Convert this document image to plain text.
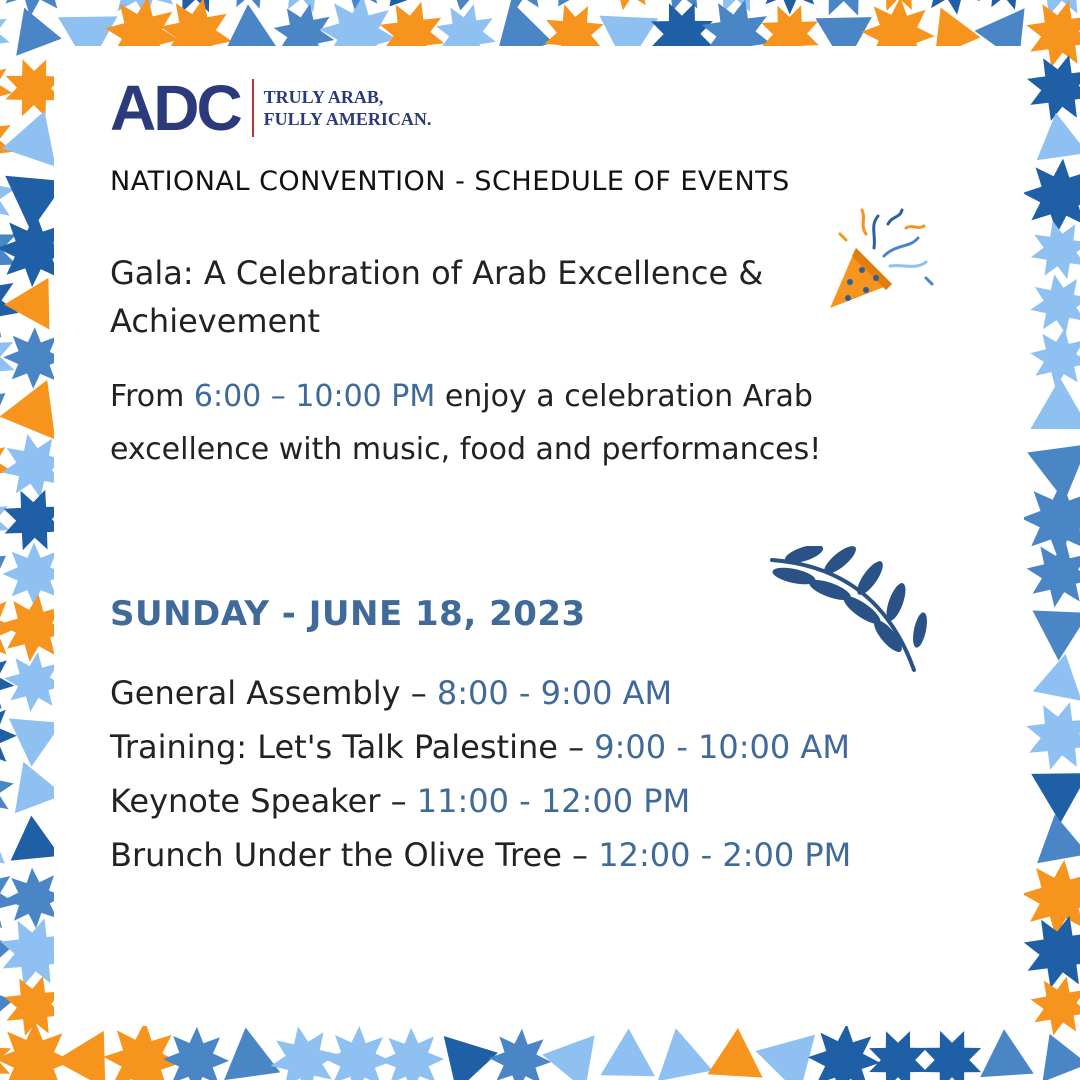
ADC TRULY ARAB,
FULLY AMERICAN.
NATIONAL CONVENTION - SCHEDULE OF EVENTS
Gala: A Celebration of Arab Excellence & Achievement
From 6:00 – 10:00 PM enjoy a celebration Arab excellence with music, food and performances!
SUNDAY - JUNE 18, 2023
General Assembly – 8:00 - 9:00 AM
Training: Let's Talk Palestine – 9:00 - 10:00 AM
Keynote Speaker – 11:00 - 12:00 PM
Brunch Under the Olive Tree – 12:00 - 2:00 PM
